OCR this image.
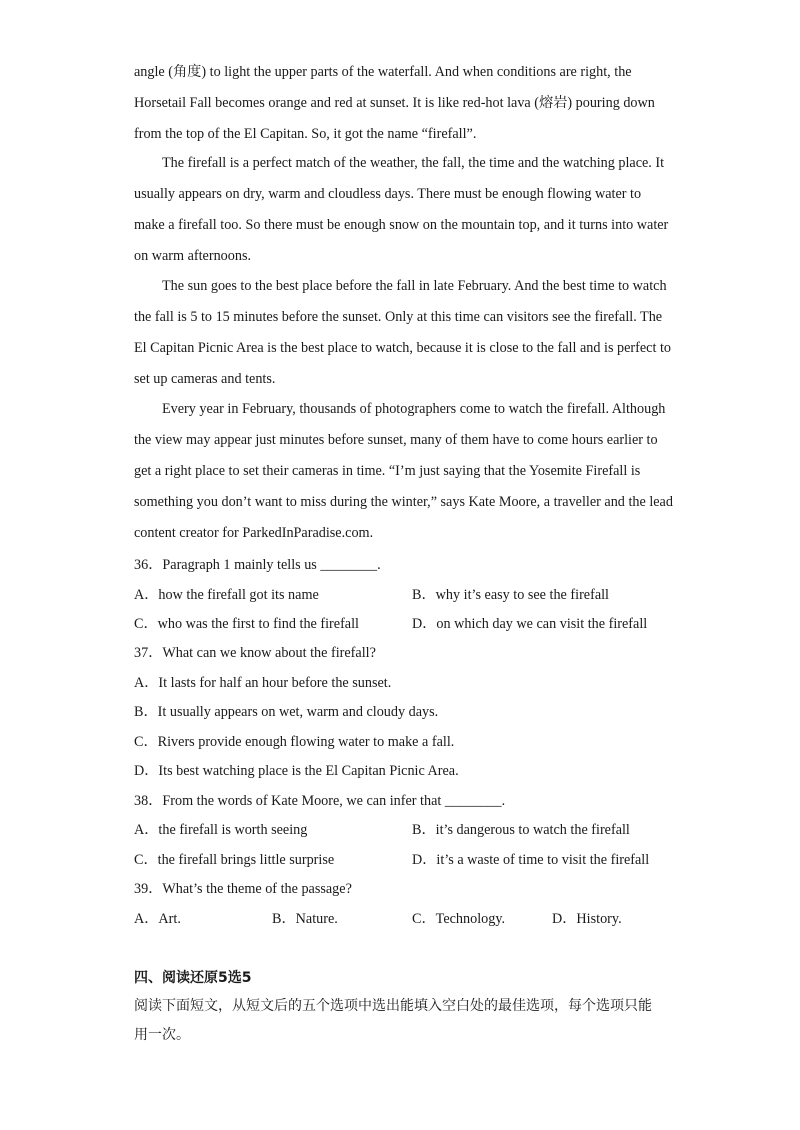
angle (角度) to light the upper parts of the waterfall. And when conditions are right, the Horsetail Fall becomes orange and red at sunset. It is like red-hot lava (熔岩) pouring down from the top of the El Capitan. So, it got the name “firefall”.

The firefall is a perfect match of the weather, the fall, the time and the watching place. It usually appears on dry, warm and cloudless days. There must be enough flowing water to make a firefall too. So there must be enough snow on the mountain top, and it turns into water on warm afternoons.

The sun goes to the best place before the fall in late February. And the best time to watch the fall is 5 to 15 minutes before the sunset. Only at this time can visitors see the firefall. The El Capitan Picnic Area is the best place to watch, because it is close to the fall and is perfect to set up cameras and tents.

Every year in February, thousands of photographers come to watch the firefall. Although the view may appear just minutes before sunset, many of them have to come hours earlier to get a right place to set their cameras in time. “I’m just saying that the Yosemite Firefall is something you don’t want to miss during the winter,” says Kate Moore, a traveller and the lead content creator for ParkedInParadise.com.

36．Paragraph 1 mainly tells us ________.
A．how the firefall got its name	B．why it’s easy to see the firefall
C．who was the first to find the firefall	D．on which day we can visit the firefall
37．What can we know about the firefall?
A．It lasts for half an hour before the sunset.
B．It usually appears on wet, warm and cloudy days.
C．Rivers provide enough flowing water to make a fall.
D．Its best watching place is the El Capitan Picnic Area.
38．From the words of Kate Moore, we can infer that ________.
A．the firefall is worth seeing	B．it’s dangerous to watch the firefall
C．the firefall brings little surprise	D．it’s a waste of time to visit the firefall
39．What’s the theme of the passage?
A．Art.	B．Nature.	C．Technology.	D．History.
四、阅读还原5选5
阅读下面短文，从短文后的五个选项中选出能填入空白处的最佳选项，每个选项只能用一次。
